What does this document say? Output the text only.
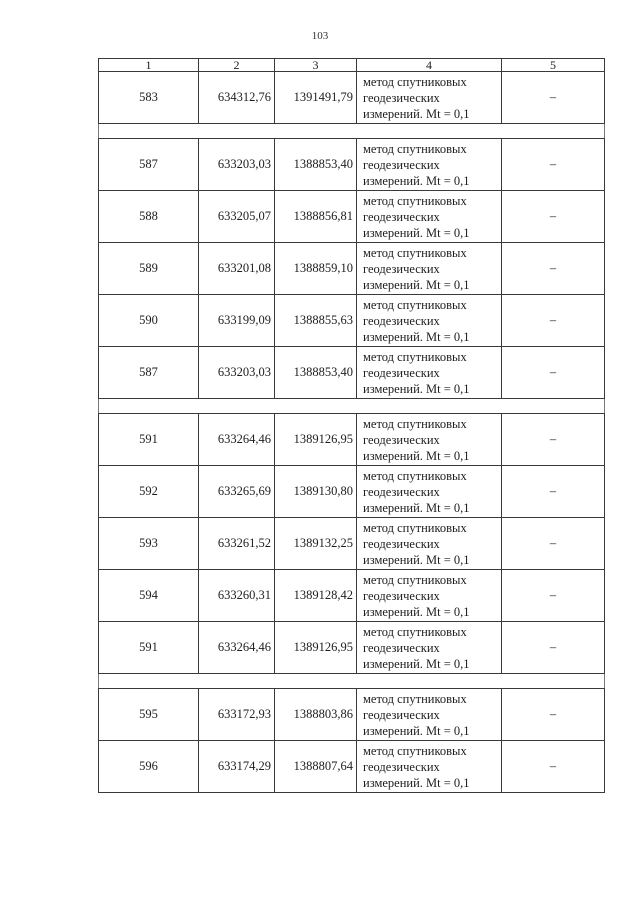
103
1	2	3	4	5
583	634312,76	1391491,79	метод спутниковых
геодезических
измерений. Mt = 0,1	–

587	633203,03	1388853,40	метод спутниковых
геодезических
измерений. Mt = 0,1	–
588	633205,07	1388856,81	метод спутниковых
геодезических
измерений. Mt = 0,1	–
589	633201,08	1388859,10	метод спутниковых
геодезических
измерений. Mt = 0,1	–
590	633199,09	1388855,63	метод спутниковых
геодезических
измерений. Mt = 0,1	–
587	633203,03	1388853,40	метод спутниковых
геодезических
измерений. Mt = 0,1	–

591	633264,46	1389126,95	метод спутниковых
геодезических
измерений. Mt = 0,1	–
592	633265,69	1389130,80	метод спутниковых
геодезических
измерений. Mt = 0,1	–
593	633261,52	1389132,25	метод спутниковых
геодезических
измерений. Mt = 0,1	–
594	633260,31	1389128,42	метод спутниковых
геодезических
измерений. Mt = 0,1	–
591	633264,46	1389126,95	метод спутниковых
геодезических
измерений. Mt = 0,1	–

595	633172,93	1388803,86	метод спутниковых
геодезических
измерений. Mt = 0,1	–
596	633174,29	1388807,64	метод спутниковых
геодезических
измерений. Mt = 0,1	–
